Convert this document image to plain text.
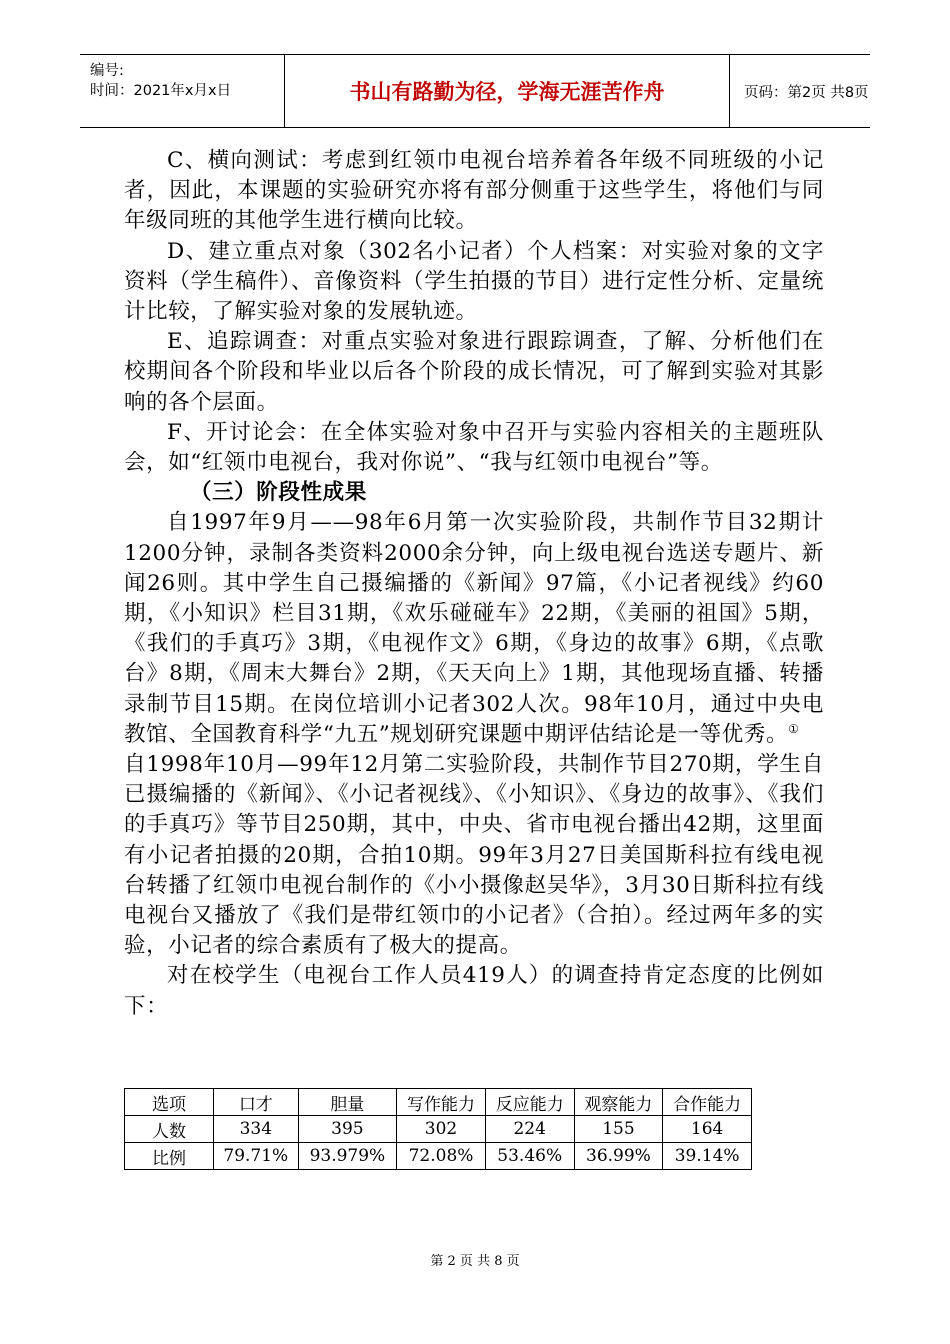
编号:
时间：2021年x月x日	书山有路勤为径，学海无涯苦作舟	页码：第2页 共8页

C、横向测试：考虑到红领巾电视台培养着各年级不同班级的小记者，因此，本课题的实验研究亦将有部分侧重于这些学生，将他们与同年级同班的其他学生进行横向比较。

D、建立重点对象（302名小记者）个人档案：对实验对象的文字资料（学生稿件）、音像资料（学生拍摄的节目）进行定性分析、定量统计比较，了解实验对象的发展轨迹。

E、追踪调查：对重点实验对象进行跟踪调查，了解、分析他们在校期间各个阶段和毕业以后各个阶段的成长情况，可了解到实验对其影响的各个层面。

F、开讨论会：在全体实验对象中召开与实验内容相关的主题班队会，如“红领巾电视台，我对你说”、“我与红领巾电视台”等。

（三）阶段性成果

自1997年9月——98年6月第一次实验阶段，共制作节目32期计1200分钟，录制各类资料2000余分钟，向上级电视台选送专题片、新闻26则。其中学生自己摄编播的《新闻》97篇，《小记者视线》约60期，《小知识》栏目31期，《欢乐碰碰车》22期，《美丽的祖国》5期，《我们的手真巧》3期，《电视作文》6期，《身边的故事》6期，《点歌台》8期，《周末大舞台》2期，《天天向上》1期，其他现场直播、转播录制节目15期。在岗位培训小记者302人次。98年10月，通过中央电教馆、全国教育科学“九五”规划研究课题中期评估结论是一等优秀。①

自1998年10月—99年12月第二实验阶段，共制作节目270期，学生自已摄编播的《新闻》、《小记者视线》、《小知识》、《身边的故事》、《我们的手真巧》等节目250期，其中，中央、省市电视台播出42期，这里面有小记者拍摄的20期，合拍10期。99年3月27日美国斯科拉有线电视台转播了红领巾电视台制作的《小小摄像赵吴华》，3月30日斯科拉有线电视台又播放了《我们是带红领巾的小记者》（合拍）。经过两年多的实验，小记者的综合素质有了极大的提高。

对在校学生（电视台工作人员419人）的调查持肯定态度的比例如下：

选项	口才	胆量	写作能力	反应能力	观察能力	合作能力
人数	334	395	302	224	155	164
比例	79.71%	93.979%	72.08%	53.46%	36.99%	39.14%
第 2 页 共 8 页
